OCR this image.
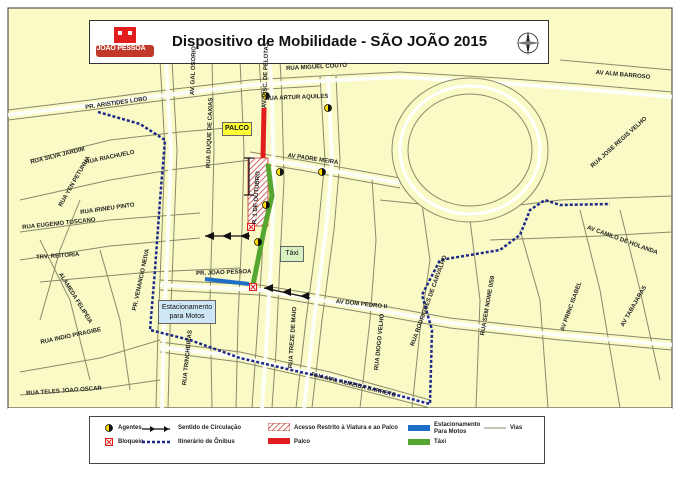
JOÃO PESSOA	Dispositivo de Mobilidade - SÃO JOÃO 2015
PALCO
Táxi
Estacionamento para Motos
PR. ARISTIDES LOBO
AV. GAL OSORIO	AV. VISC. DE PELOTAS	RUA MIGUEL COUTO
RUA ARTUR AQUILES
AV ALM BARROSO
RUA JOSE REGIS VELHO
RUA SILVA JARDIM RUA RIACHUELO	RUA DUQUE DE CAXIAS	AV PADRE MEIRA
RUA YEN PETUNHA
RUA IRINEU PINTO
RUA EUGENIO TOSCANO
TRV. REITORIA	PR. VENANCIO NEIVA	PR. JOAO PESSOA
AV DOM PEDRO II
AV CAMILO DE HOLANDA
ALAMEDA FELIPEIA
RUA INDIO PIRAGIBE	RUA TRINCHEIRAS	RUA TREZE DE MAIO	RUA DIOGO VELHO	RUA RODRIGUES DE CARVALHO	RUA SEM NOME 0/59	AV PRINC ISABEL	AV TABAJARAS
RUA MAL ALMEIDA BARRETO
RUA TELES JOAO OSCAR
R. 1 DE OUTUBRO
Agentes
Bloqueio
Sentido de Circulação
Itinerário de Ônibus
Acesso Restrito à Viatura e ao Palco
Palco
Estacionamento Para Motos
Táxi
Vias
